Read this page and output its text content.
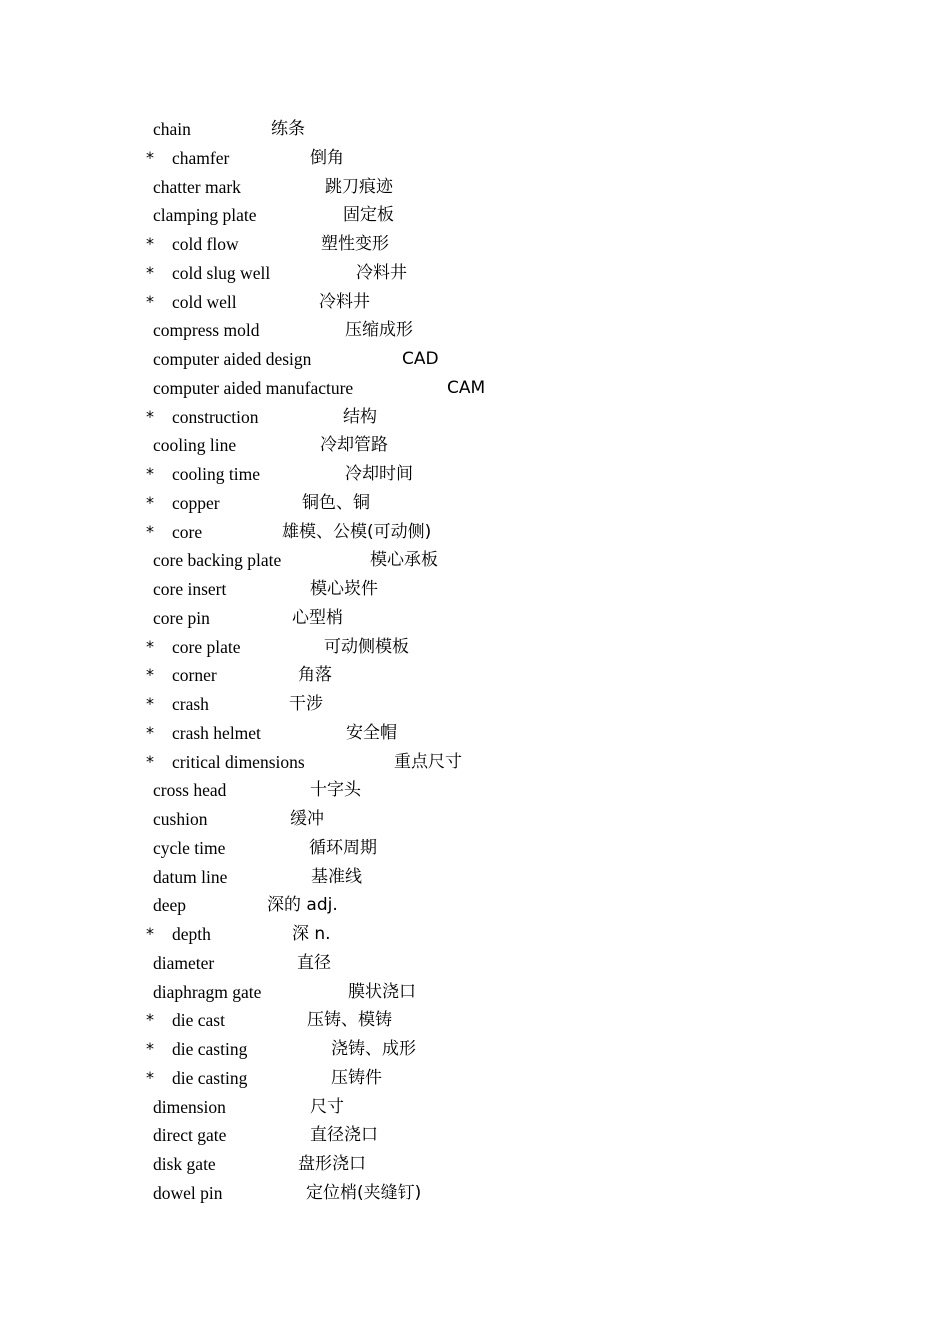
chain	练条
* chamfer	倒角
chatter mark	跳刀痕迹
clamping plate	固定板
* cold flow	塑性变形
* cold slug well	冷料井
* cold well	冷料井
compress mold	压缩成形
computer aided design	CAD
computer aided manufacture	CAM
* construction	结构
cooling line	冷却管路
* cooling time	冷却时间
* copper	铜色、铜
* core	雄模、公模(可动侧)
core backing plate	模心承板
core insert	模心崁件
core pin	心型梢
* core plate	可动侧模板
* corner	角落
* crash	干涉
* crash helmet	安全帽
* critical dimensions	重点尺寸
cross head	十字头
cushion	缓冲
cycle time	循环周期
datum line	基准线
deep	深的 adj.
* depth	深 n.
diameter	直径
diaphragm gate	膜状浇口
* die cast	压铸、模铸
* die casting	浇铸、成形
* die casting	压铸件
dimension	尺寸
direct gate	直径浇口
disk gate	盘形浇口
dowel pin	定位梢(夹缝钉)
